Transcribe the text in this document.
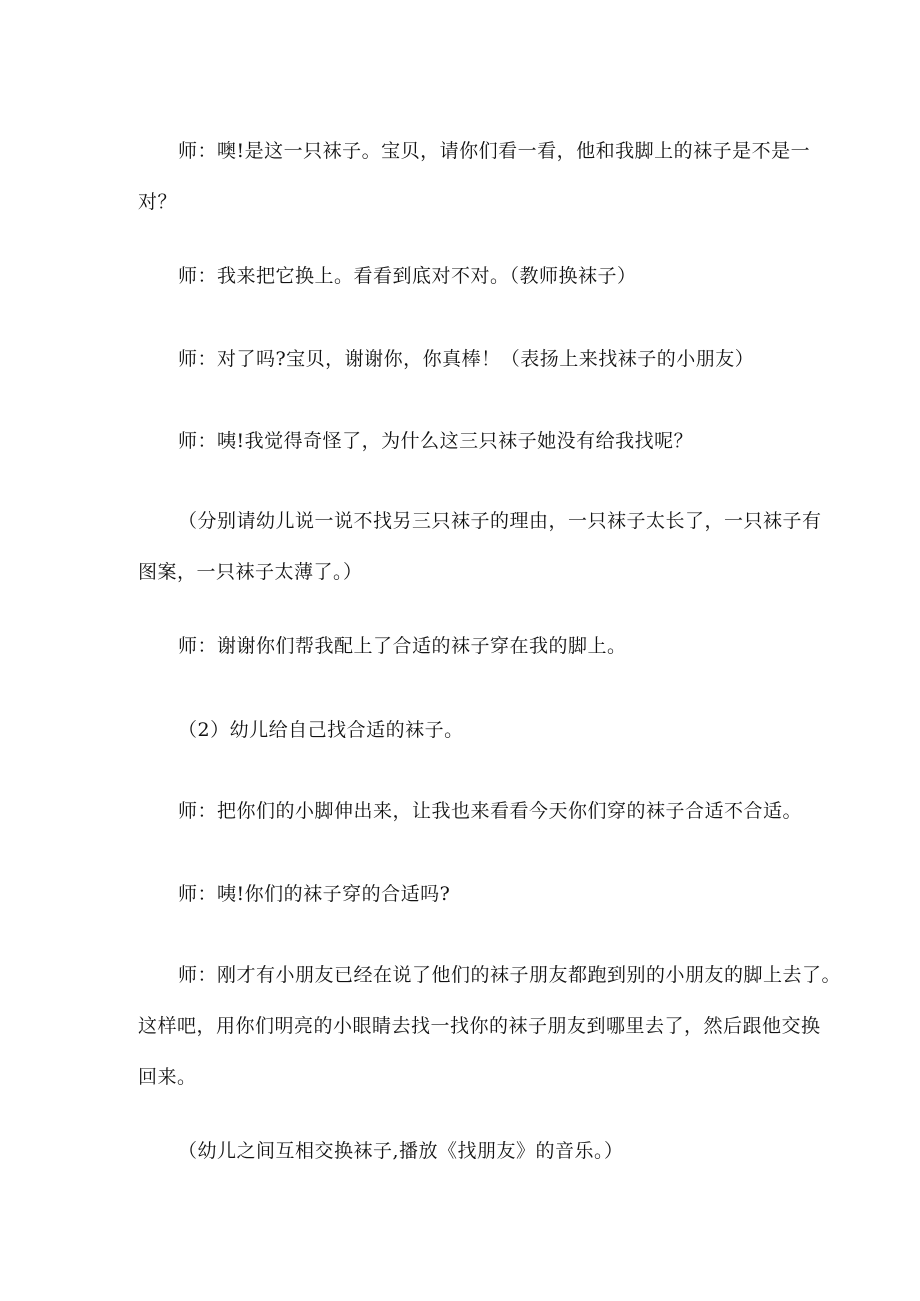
师：噢!是这一只袜子。宝贝，请你们看一看，他和我脚上的袜子是不是一
对？
师：我来把它换上。看看到底对不对。（教师换袜子）
师：对了吗?宝贝，谢谢你，你真棒！（表扬上来找袜子的小朋友）
师：咦!我觉得奇怪了，为什么这三只袜子她没有给我找呢？
（分别请幼儿说一说不找另三只袜子的理由，一只袜子太长了，一只袜子有
图案，一只袜子太薄了。）
师：谢谢你们帮我配上了合适的袜子穿在我的脚上。
（2）幼儿给自己找合适的袜子。
师：把你们的小脚伸出来，让我也来看看今天你们穿的袜子合适不合适。
师：咦!你们的袜子穿的合适吗?
师：刚才有小朋友已经在说了他们的袜子朋友都跑到别的小朋友的脚上去了。
这样吧，用你们明亮的小眼睛去找一找你的袜子朋友到哪里去了，然后跟他交换
回来。
（幼儿之间互相交换袜子,播放《找朋友》的音乐。）
